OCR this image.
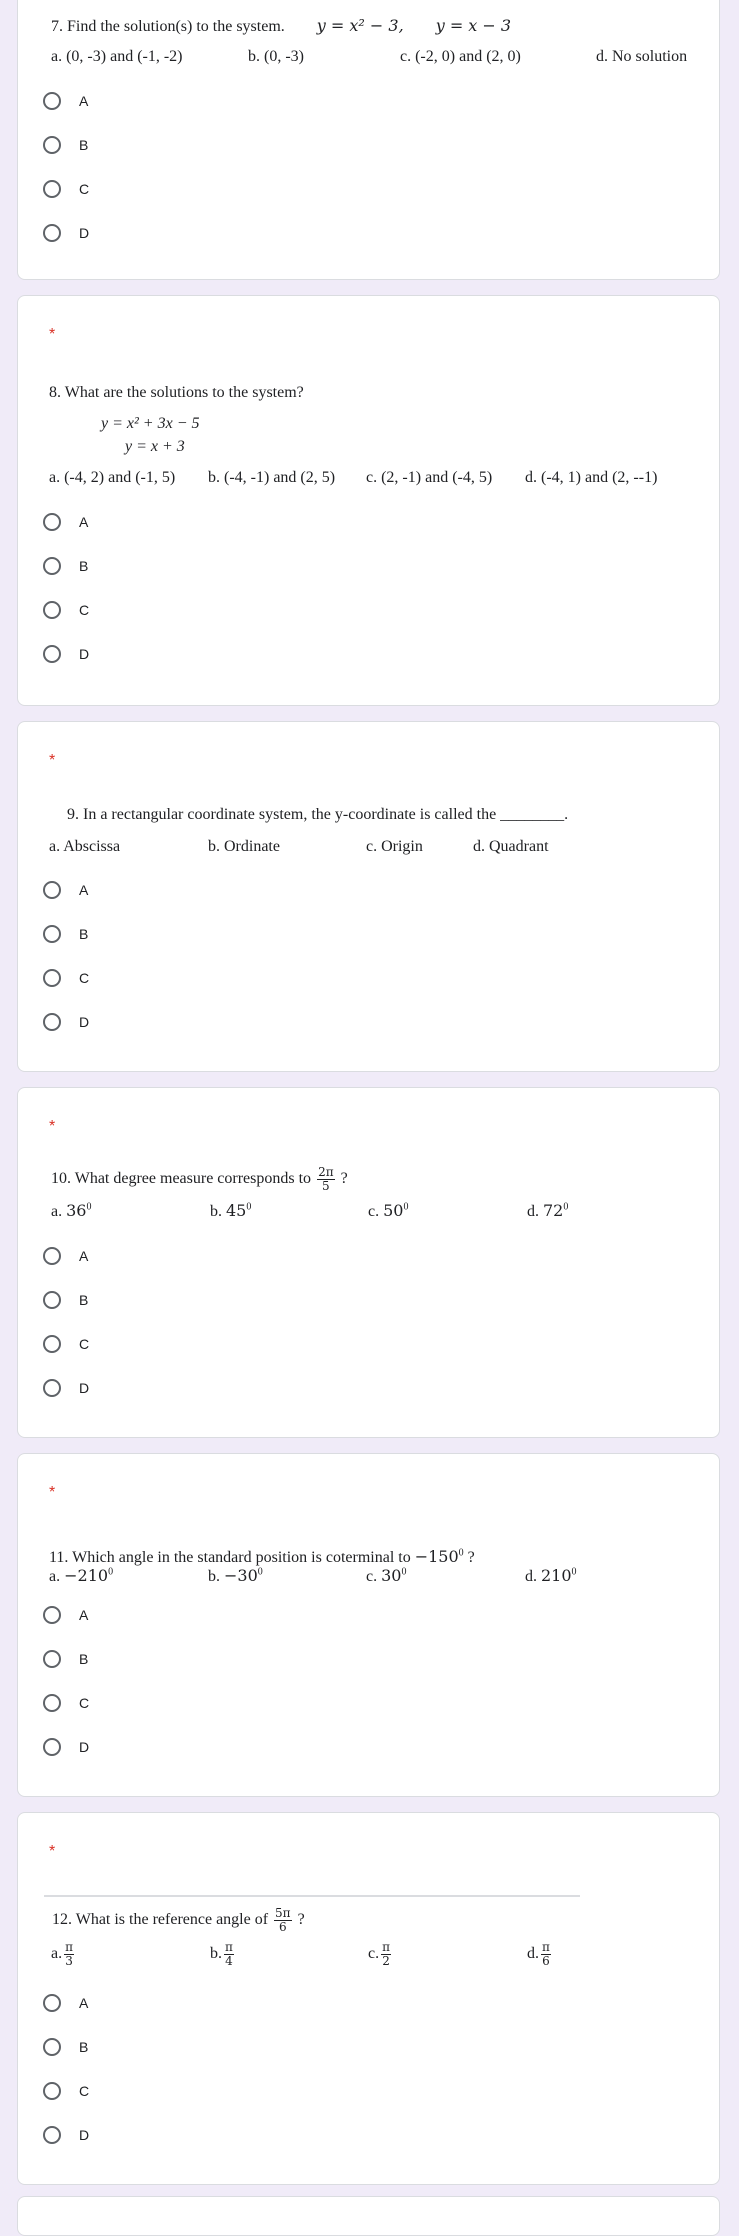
7. Find the solution(s) to the system. y = x² − 3, y = x − 3
a. (0, -3) and (-1, -2)	b. (0, -3)	c. (-2, 0) and (2, 0)	d. No solution
A
B
C
D
*
8. What are the solutions to the system?
y = x² + 3x − 5
y = x + 3
a. (-4, 2) and (-1, 5) b. (-4, -1) and (2, 5) c. (2, -1) and (-4, 5) d. (-4, 1) and (2, --1)
A
B
C
D
*
9. In a rectangular coordinate system, the y-coordinate is called the ________.
a. Abscissa	b. Ordinate	c. Origin	d. Quadrant
A
B
C
D
*
10. What degree measure corresponds to $\frac{2\pi}{5}$ ?
a. $36^0$	b. $45^0$	c. $50^0$	d. $72^0$
A
B
C
D
*
11. Which angle in the standard position is coterminal to $-150^0$ ?
a. $-210^0$	b. $-30^0$	c. $30^0$	d. $210^0$
A
B
C
D
*
12. What is the reference angle of $\frac{5\pi}{6}$ ?
a. $\frac{\pi}{3}$	b. $\frac{\pi}{4}$	c. $\frac{\pi}{2}$	d. $\frac{\pi}{6}$
A
B
C
D
